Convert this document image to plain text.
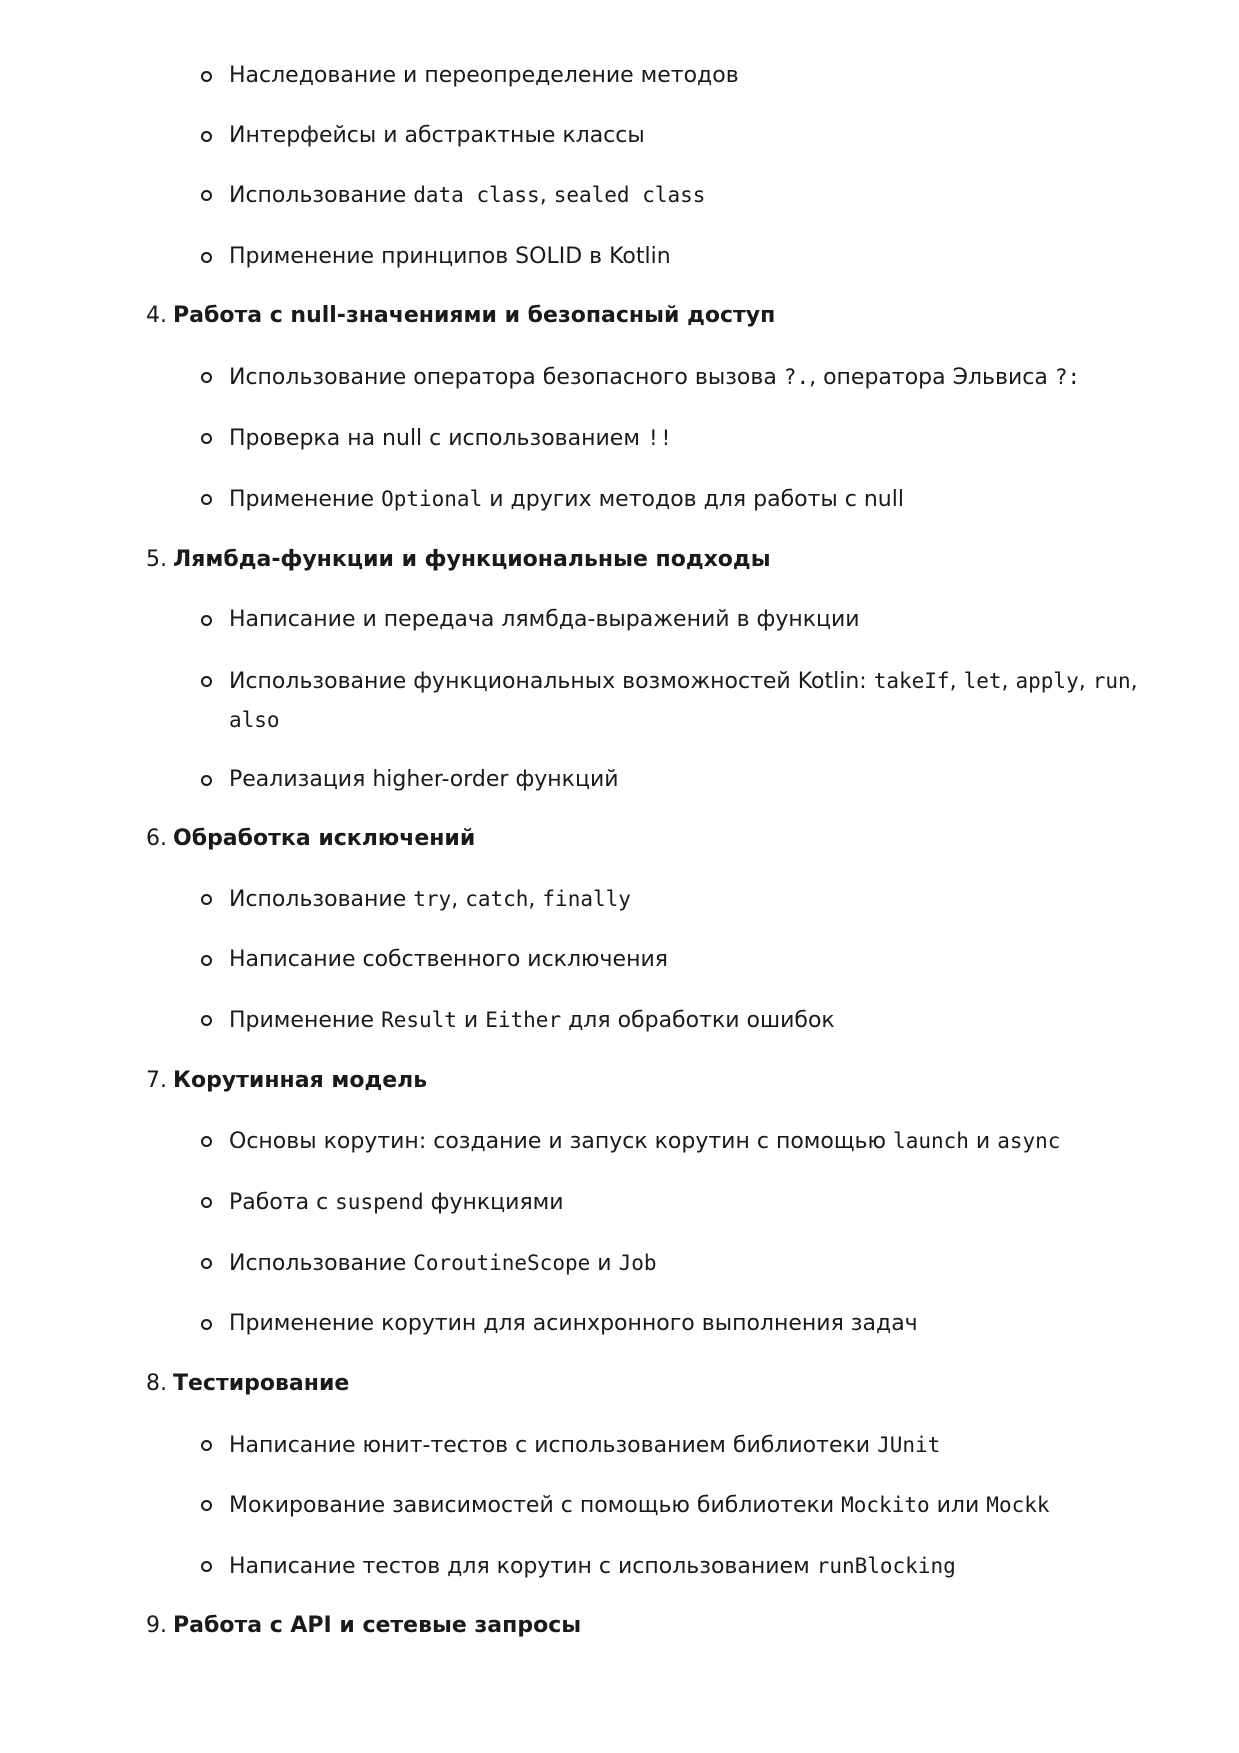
Наследование и переопределение методов
Интерфейсы и абстрактные классы
Использование data class , sealed class
Применение принципов SOLID в Kotlin
4. Работа с null-значениями и безопасный доступ
Использование оператора безопасного вызова ?. , оператора Эльвиса ?:
Проверка на null с использованием !!
Применение Optional и других методов для работы с null
5. Лямбда-функции и функциональные подходы
Написание и передача лямбда-выражений в функции
Использование функциональных возможностей Kotlin: takeIf , let , apply , run ,
also
Реализация higher-order функций
6. Обработка исключений
Использование try , catch , finally
Написание собственного исключения
Применение Result и Either для обработки ошибок
7. Корутинная модель
Основы корутин: создание и запуск корутин с помощью launch и async
Работа с suspend функциями
Использование CoroutineScope и Job
Применение корутин для асинхронного выполнения задач
8. Тестирование
Написание юнит-тестов с использованием библиотеки JUnit
Мокирование зависимостей с помощью библиотеки Mockito или Mockk
Написание тестов для корутин с использованием runBlocking
9. Работа с API и сетевые запросы
